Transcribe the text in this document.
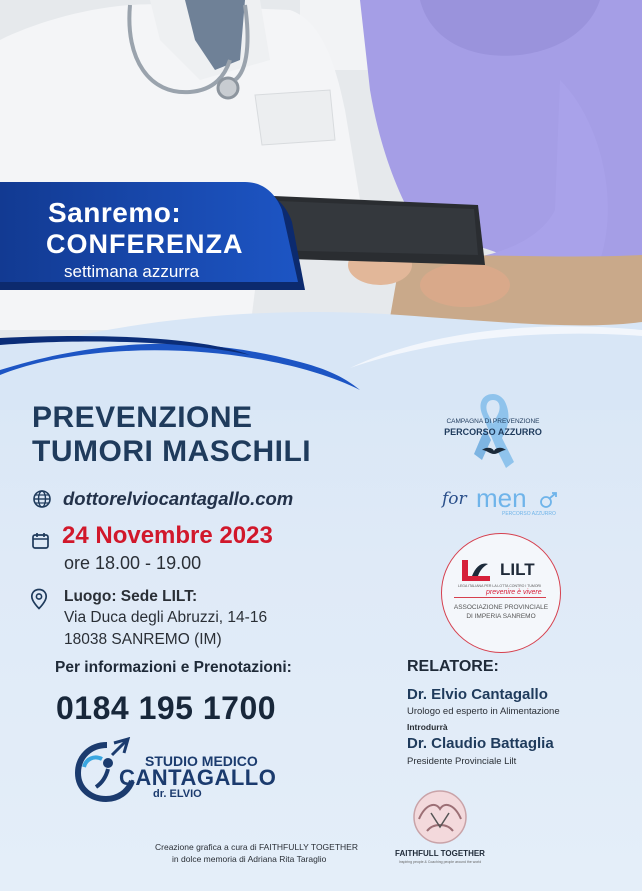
Sanremo:
CONFERENZA
settimana azzurra
PREVENZIONE
TUMORI MASCHILI
dottorelviocantagallo.com
24 Novembre 2023
ore 18.00 - 19.00
Luogo: Sede LILT:
Via Duca degli Abruzzi, 14-16
18038 SANREMO (IM)
Per informazioni e Prenotazioni:
0184 195 1700
RELATORE:
Dr. Elvio Cantagallo
Urologo ed esperto in Alimentazione
Introdurrà
Dr. Claudio Battaglia
Presidente Provinciale Lilt
CAMPAGNA DI PREVENZIONE
PERCORSO AZZURRO
for men
PERCORSO AZZURRO
LILT
LEGA ITALIANA PER LA LOTTA CONTRO I TUMORI
prevenire è vivere
ASSOCIAZIONE PROVINCIALE
DI IMPERIA SANREMO
STUDIO MEDICO
CANTAGALLO
dr. ELVIO
FAITHFULL TOGETHER
Inspiring people & Coaching people around the world
Creazione grafica a cura di FAITHFULLY TOGETHER
in dolce memoria di Adriana Rita Taraglio
